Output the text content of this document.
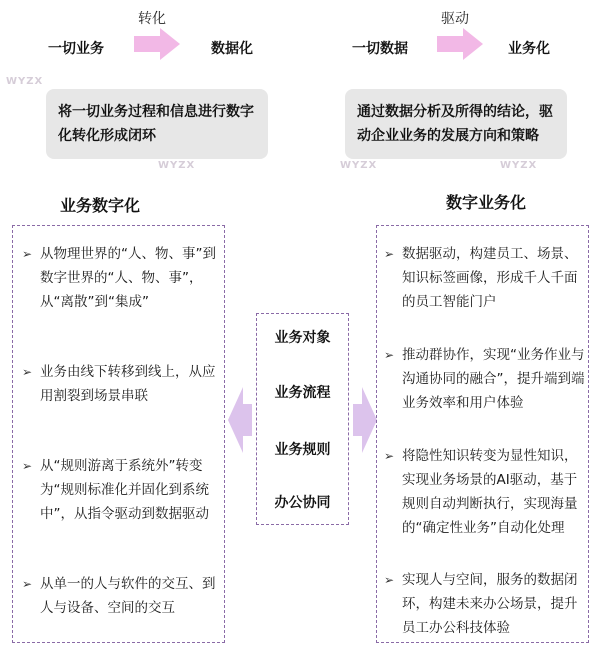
转化
一切业务	数据化
将一切业务过程和信息进行数字化转化形成闭环
驱动
一切数据	业务化
通过数据分析及所得的结论，驱动企业业务的发展方向和策略
业务数字化	数字业务化
➢ 从物理世界的“人、物、事”到数字世界的“人、物、事”，从“离散”到“集成”
➢ 业务由线下转移到线上，从应用割裂到场景串联
➢ 从“规则游离于系统外”转变为“规则标准化并固化到系统中”，从指令驱动到数据驱动
➢ 从单一的人与软件的交互、到人与设备、空间的交互
业务对象
业务流程
业务规则
办公协同
➢ 数据驱动，构建员工、场景、知识标签画像，形成千人千面的员工智能门户
➢ 推动群协作，实现“业务作业与沟通协同的融合”，提升端到端业务效率和用户体验
➢ 将隐性知识转变为显性知识，实现业务场景的AI驱动，基于规则自动判断执行，实现海量的“确定性业务”自动化处理
➢ 实现人与空间，服务的数据闭环，构建未来办公场景，提升员工办公科技体验
WYZX
WYZX	WYZX	WYZX
